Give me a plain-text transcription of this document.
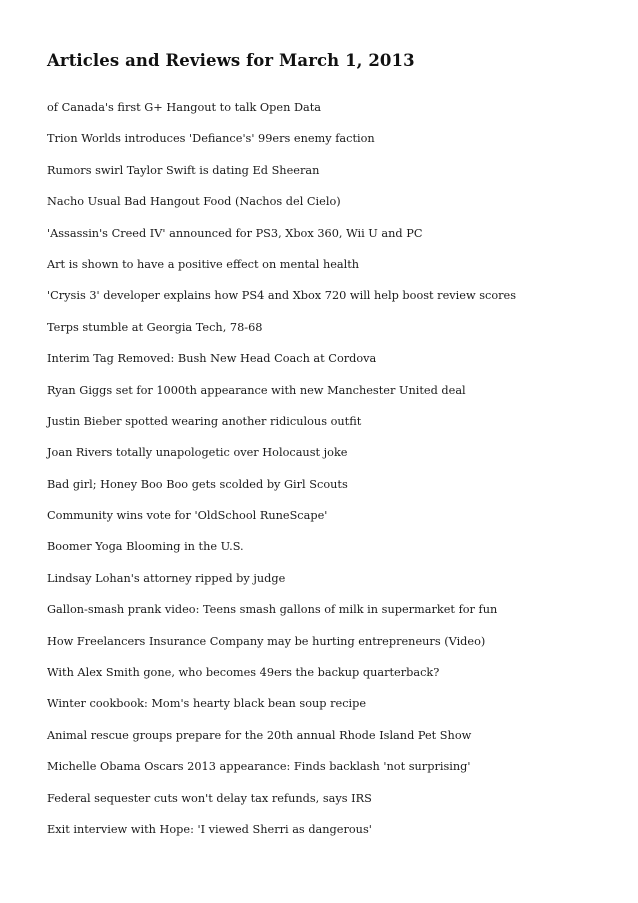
Articles and Reviews for March 1, 2013
of Canada's first G+ Hangout to talk Open Data
Trion Worlds introduces 'Defiance's' 99ers enemy faction
Rumors swirl Taylor Swift is dating Ed Sheeran
Nacho Usual Bad Hangout Food (Nachos del Cielo)
'Assassin's Creed IV' announced for PS3, Xbox 360, Wii U and PC
Art is shown to have a positive effect on mental health
'Crysis 3' developer explains how PS4 and Xbox 720 will help boost review scores
Terps stumble at Georgia Tech, 78-68
Interim Tag Removed: Bush New Head Coach at Cordova
Ryan Giggs set for 1000th appearance with new Manchester United deal
Justin Bieber spotted wearing another ridiculous outfit
Joan Rivers totally unapologetic over Holocaust joke
Bad girl; Honey Boo Boo gets scolded by Girl Scouts
Community wins vote for 'OldSchool RuneScape'
Boomer Yoga Blooming in the U.S.
Lindsay Lohan's attorney ripped by judge
Gallon-smash prank video: Teens smash gallons of milk in supermarket for fun
How Freelancers Insurance Company may be hurting entrepreneurs (Video)
With Alex Smith gone, who becomes 49ers the backup quarterback?
Winter cookbook: Mom's hearty black bean soup recipe
Animal rescue groups prepare for the 20th annual Rhode Island Pet Show
Michelle Obama Oscars 2013 appearance: Finds backlash 'not surprising'
Federal sequester cuts won't delay tax refunds, says IRS
Exit interview with Hope: 'I viewed Sherri as dangerous'
